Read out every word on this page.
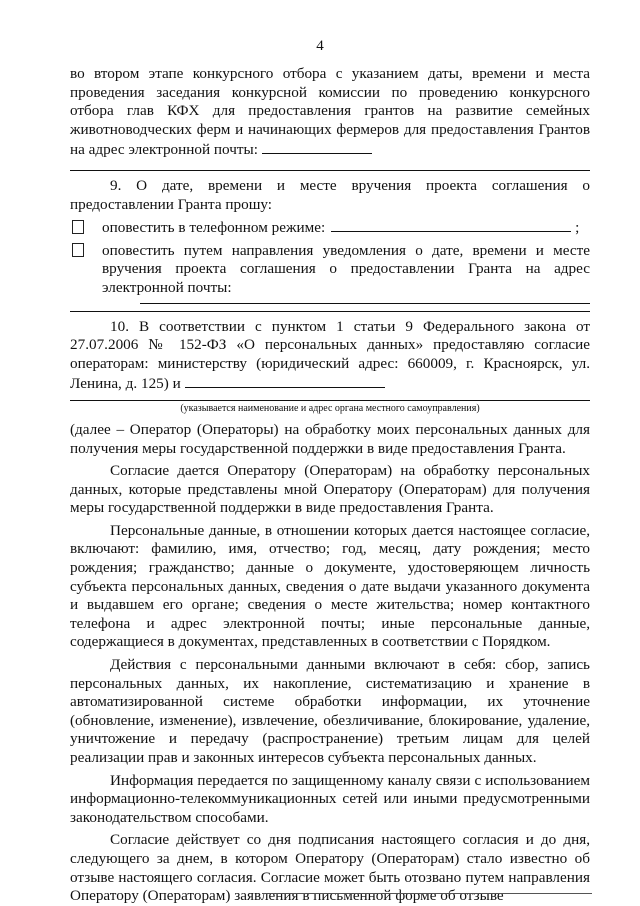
4

во втором этапе конкурсного отбора с указанием даты, времени и места проведения заседания конкурсной комиссии по проведению конкурсного отбора глав КФХ для предоставления грантов на развитие семейных животноводческих ферм и начинающих фермеров для предоставления Грантов на адрес электронной почты:

9. О дате, времени и месте вручения проекта соглашения о предоставлении Гранта прошу:

оповестить в телефонном режиме:	;

оповестить путем направления уведомления о дате, времени и месте вручения проекта соглашения о предоставлении Гранта на адрес электронной почты:

10. В соответствии с пунктом 1 статьи 9 Федерального закона от 27.07.2006 № 152-ФЗ «О персональных данных» предоставляю согласие операторам: министерству (юридический адрес: 660009, г. Красноярск, ул. Ленина, д. 125) и

(указывается наименование и адрес органа местного самоуправления)

(далее – Оператор (Операторы) на обработку моих персональных данных для получения меры государственной поддержки в виде предоставления Гранта.

Согласие дается Оператору (Операторам) на обработку персональных данных, которые представлены мной Оператору (Операторам) для получения меры государственной поддержки в виде предоставления Гранта.

Персональные данные, в отношении которых дается настоящее согласие, включают: фамилию, имя, отчество; год, месяц, дату рождения; место рождения; гражданство; данные о документе, удостоверяющем личность субъекта персональных данных, сведения о дате выдачи указанного документа и выдавшем его органе; сведения о месте жительства; номер контактного телефона и адрес электронной почты; иные персональные данные, содержащиеся в документах, представленных в соответствии с Порядком.

Действия с персональными данными включают в себя: сбор, запись персональных данных, их накопление, систематизацию и хранение в автоматизированной системе обработки информации, их уточнение (обновление, изменение), извлечение, обезличивание, блокирование, удаление, уничтожение и передачу (распространение) третьим лицам для целей реализации прав и законных интересов субъекта персональных данных.

Информация передается по защищенному каналу связи с использованием информационно-телекоммуникационных сетей или иными предусмотренными законодательством способами.

Согласие действует со дня подписания настоящего согласия и до дня, следующего за днем, в котором Оператору (Операторам) стало известно об отзыве настоящего согласия. Согласие может быть отозвано путем направления Оператору (Операторам) заявления в письменной форме об отзыве
